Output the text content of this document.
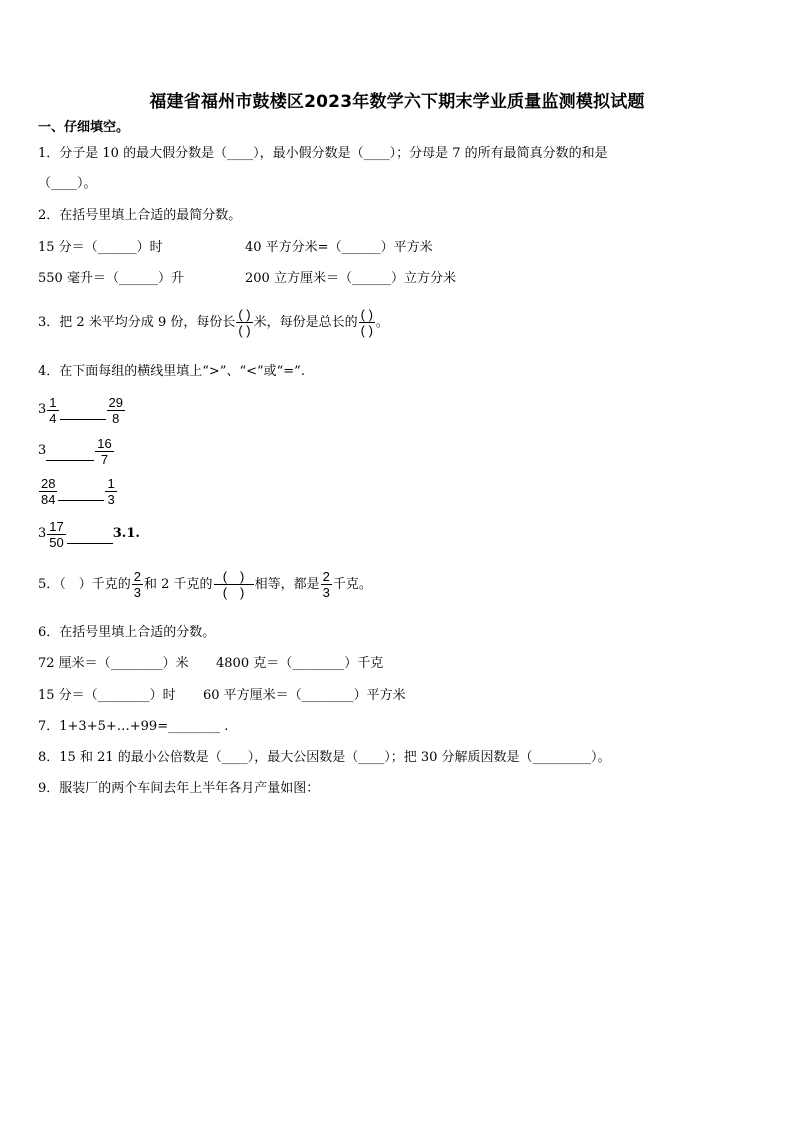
福建省福州市鼓楼区2023年数学六下期末学业质量监测模拟试题
一、仔细填空。
1．分子是 10 的最大假分数是（____），最小假分数是（____）；分母是 7 的所有最简真分数的和是
（____）。
2．在括号里填上合适的最简分数。
15 分＝（______）时	40 平方分米=（______）平方米
550 毫升＝（______）升	200 立方厘米＝（______）立方分米
3．把 2 米平均分成 9 份，每份长 $\frac{( )}{( )}$ 米，每份是总长的 $\frac{( )}{( )}$ 。
4．在下面每组的横线里填上“>”、“<”或“=”.
$3 \frac{1}{4}$	$\frac{29}{8}$
3	$\frac{16}{7}$
$\frac{28}{84}$	$\frac{1}{3}$
$3 \frac{17}{50}$	3.1.
5．（　）千克的 $\frac{2}{3}$ 和 2 千克的 $\frac{( )}{( )}$ 相等，都是 $\frac{2}{3}$ 千克。
6．在括号里填上合适的分数。
72 厘米＝（________）米 4800 克＝（________）千克
15 分＝（________）时 60 平方厘米＝（________）平方米
7．1+3+5+…+99=________ .
8．15 和 21 的最小公倍数是（____），最大公因数是（____）；把 30 分解质因数是（_________）。
9．服装厂的两个车间去年上半年各月产量如图：
